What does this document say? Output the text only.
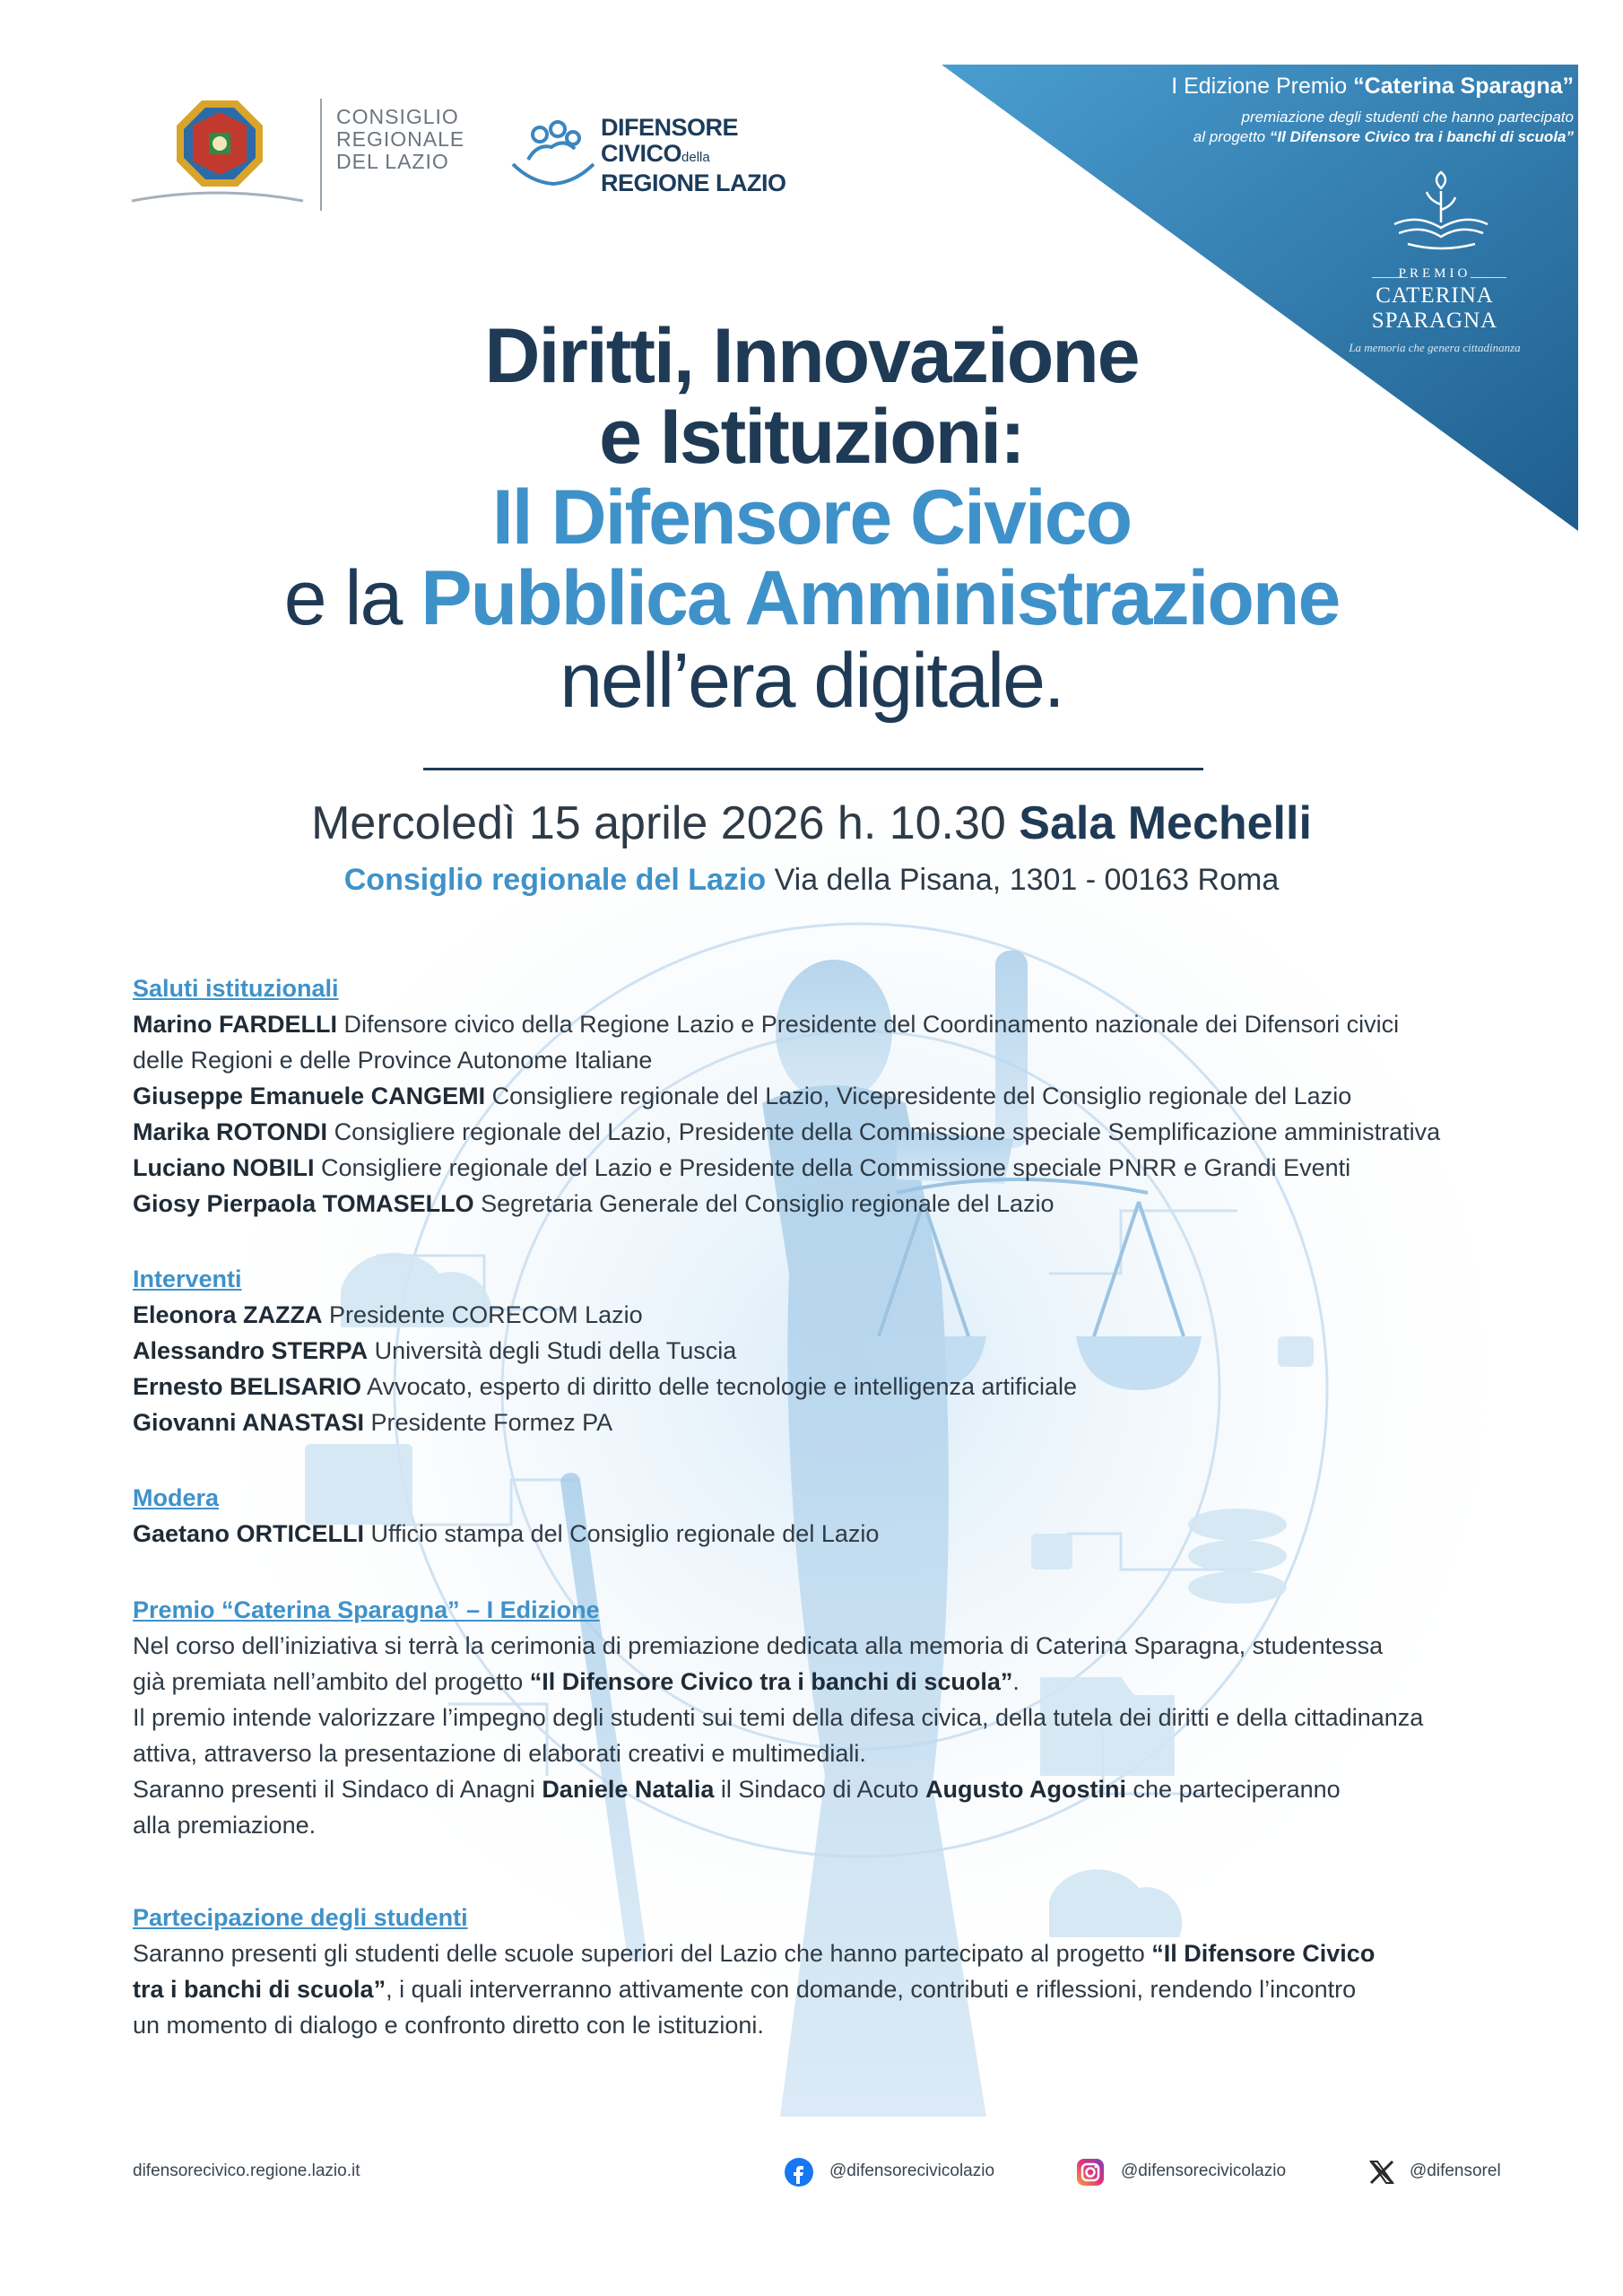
CONSIGLIO
REGIONALE
DEL LAZIO
DIFENSORE
CIVICOdella
REGIONE LAZIO
I Edizione Premio “Caterina Sparagna”
premiazione degli studenti che hanno partecipato
al progetto “Il Difensore Civico tra i banchi di scuola”
PREMIO
CATERINA SPARAGNA
La memoria che genera cittadinanza
Diritti, Innovazione
e Istituzioni:
Il Difensore Civico
e la Pubblica Amministrazione
nell’era digitale.
Mercoledì 15 aprile 2026 h. 10.30 Sala Mechelli
Consiglio regionale del Lazio Via della Pisana, 1301 - 00163 Roma
Saluti istituzionali
Marino FARDELLI Difensore civico della Regione Lazio e Presidente del Coordinamento nazionale dei Difensori civici
delle Regioni e delle Province Autonome Italiane
Giuseppe Emanuele CANGEMI Consigliere regionale del Lazio, Vicepresidente del Consiglio regionale del Lazio
Marika ROTONDI Consigliere regionale del Lazio, Presidente della Commissione speciale Semplificazione amministrativa
Luciano NOBILI Consigliere regionale del Lazio e Presidente della Commissione speciale PNRR e Grandi Eventi
Giosy Pierpaola TOMASELLO Segretaria Generale del Consiglio regionale del Lazio
Interventi
Eleonora ZAZZA Presidente CORECOM Lazio
Alessandro STERPA Università degli Studi della Tuscia
Ernesto BELISARIO Avvocato, esperto di diritto delle tecnologie e intelligenza artificiale
Giovanni ANASTASI Presidente Formez PA
Modera
Gaetano ORTICELLI Ufficio stampa del Consiglio regionale del Lazio
Premio “Caterina Sparagna” – I Edizione
Nel corso dell’iniziativa si terrà la cerimonia di premiazione dedicata alla memoria di Caterina Sparagna, studentessa
già premiata nell’ambito del progetto “Il Difensore Civico tra i banchi di scuola”.
Il premio intende valorizzare l’impegno degli studenti sui temi della difesa civica, della tutela dei diritti e della cittadinanza
attiva, attraverso la presentazione di elaborati creativi e multimediali.
Saranno presenti il Sindaco di Anagni Daniele Natalia il Sindaco di Acuto Augusto Agostini che parteciperanno
alla premiazione.
Partecipazione degli studenti
Saranno presenti gli studenti delle scuole superiori del Lazio che hanno partecipato al progetto “Il Difensore Civico
tra i banchi di scuola”, i quali interverranno attivamente con domande, contributi e riflessioni, rendendo l’incontro
un momento di dialogo e confronto diretto con le istituzioni.
difensorecivico.regione.lazio.it	@difensorecivicolazio	@difensorecivicolazio	@difensorel
